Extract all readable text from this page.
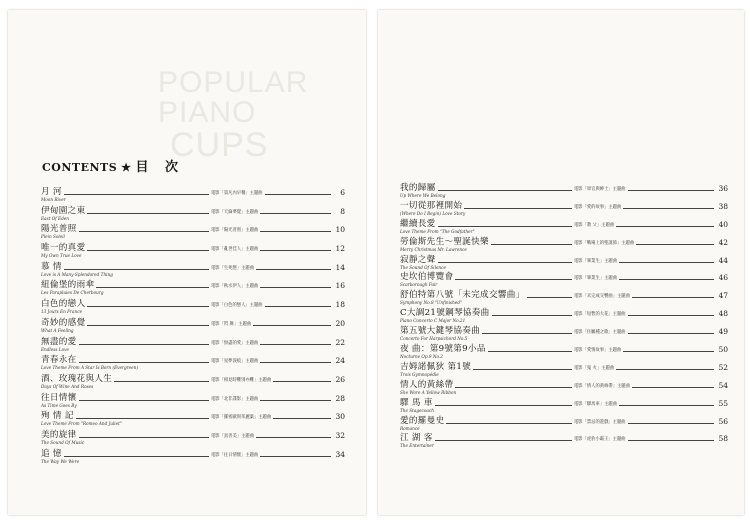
POPULAR PIANO
CUPS
CONTENTS ★ 目 次
月 河	電影「第凡內早餐」主題曲	6
Moon River
伊甸園之東	電影「天倫夢覺」主題曲	8
East Of Eden
陽光普照	電影「陽光普照」主題曲	10
Plein Soleil
唯一的真愛	電影「亂世佳人」主題曲	12
My Own True Love
慕 情	電影「生死戀」主題曲	14
Love is A Many-Splendored Thing
紐倫堡的雨傘	電影「秋水伊人」主題曲	16
Les Parapluies De Cherbourg
白色的戀人	電影「白色的戀人」主題曲	18
13 Jours En France
奇妙的感覺	電影「閃 舞」主題曲	20
What A Feeling
無盡的愛	電影「無盡的愛」主題曲	22
Endless Love
青春永在	電影「星夢淚痕」主題曲	24
Love Theme From A Star Is Born (Evergreen)
酒、玫瑰花與人生	電影「相見時難別亦難」主題曲	26
Days Of Wine And Roses
往日情懷	電影「北非諜影」主題曲	28
As Time Goes By
殉 情 記	電影「羅密歐與茱麗葉」主題曲	30
Love Theme From "Romeo And Juliet"
美的旋律	電影「真善美」主題曲	32
The Sound Of Music
追 憶	電影「往日情懷」主題曲	34
The Way We Were
我的歸屬	電影「軍官與紳士」主題曲	36
Up Where We Belong
一切從那裡開始	電影「愛的故事」主題曲	38
(Where Do I Begin) Love Story
繼續長愛	電影「教 父」主題曲	40
Love Theme From "The Godfather"
勞倫斯先生～聖誕快樂	電影「戰場上的聖誕節」主題曲	42
Merry Christmas Mr. Lawrence
寂靜之聲	電影「畢業生」主題曲	44
The Sound Of Silence
史坎伯博覽會	電影「畢業生」主題曲	46
Scarborough Fair
舒伯特第八號「未完成交響曲」	電影「未完成交響曲」主題曲	47
Symphony No.8 "Unfinished"
C大調21號鋼琴協奏曲	電影「短暫的大花」主題曲	48
Piano Concerto C Major No.21
第五號大鍵琴協奏曲	電影「住屬種之歌」主題曲	49
Concerto For Harpsichord No.5
夜 曲：第9號第9小品	電影「愛情故事」主題曲	50
Nocturne Op.9 No.2
吉姆諾佩狄 第1號	電影「鬼 火」主題曲	52
Trois Gymnopédie
情人的黃絲帶	電影「情人的黃絲帶」主題曲	54
She Wore A Yellow Ribbon
驛 馬 車	電影「驛馬車」主題曲	55
The Stagecoach
愛的羅曼史	電影「禁忌的遊戲」主題曲	56
Romance
江 湖 客	電影「虎豹小霸王」主題曲	58
The Entertainer
